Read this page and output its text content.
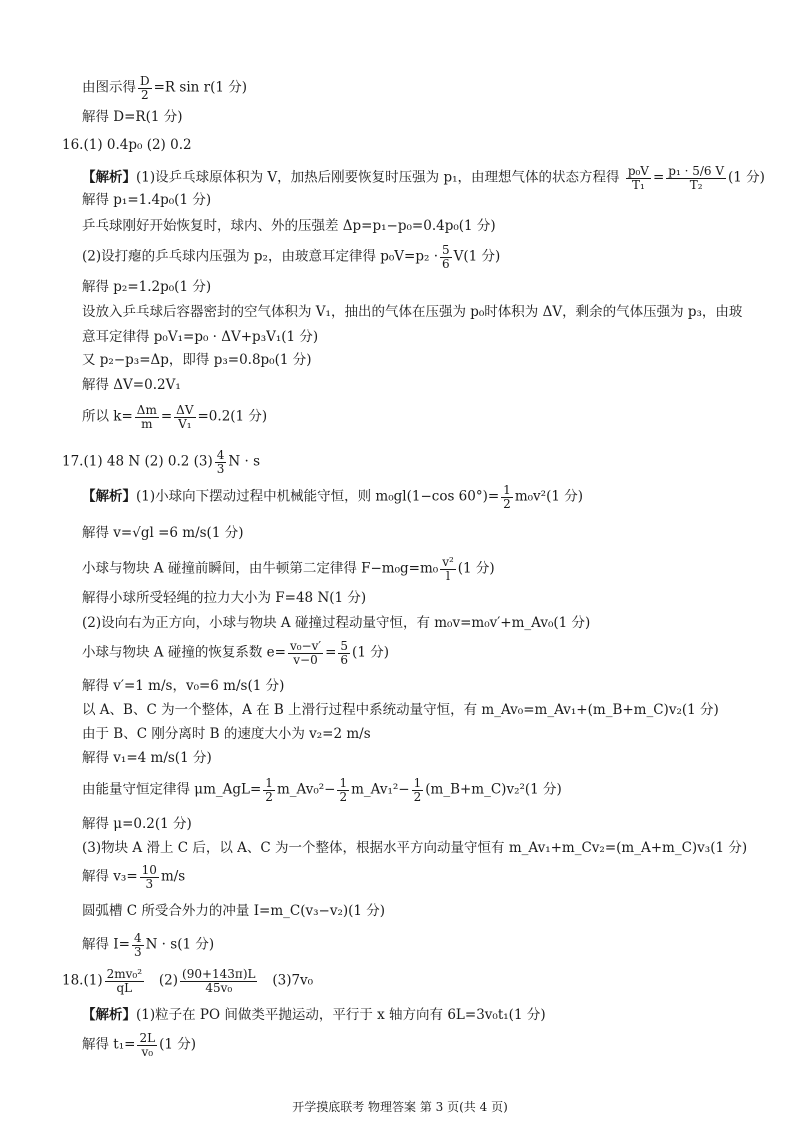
由图示得 $\frac{D}{2} =R$ sin r(1 分)
解得 D=R(1 分)
16.(1) 0.4p₀ (2) 0.2
【解析】(1)设乒乓球原体积为 V，加热后刚要恢复时压强为 p₁，由理想气体的状态方程得 $\frac{\text{p₀V}}{\text{T₁}} = \frac{\text{p₁ · 5/6 V}}{\text{T₂}} (1$ 分)
解得 p₁=1.4p₀(1 分)
乒乓球刚好开始恢复时，球内、外的压强差 Δp=p₁−p₀=0.4p₀(1 分)
(2)设打瘪的乒乓球内压强为 p₂，由玻意耳定律得 $p_0V=p_2 \cdot \frac{5}{6} V(1$ 分)
解得 p₂=1.2p₀(1 分)
设放入乒乓球后容器密封的空气体积为 V₁，抽出的气体在压强为 p₀时体积为 ΔV，剩余的气体压强为 p₃，由玻
意耳定律得 p₀V₁=p₀ · ΔV+p₃V₁(1 分)
又 p₂−p₃=Δp，即得 p₃=0.8p₀(1 分)
解得 ΔV=0.2V₁
所以 $k= \frac{\Delta m}{m} = \frac{\Delta V}{\text{V₁}} =0.2(1$ 分)
17.(1) 48 N (2) 0.2 $(3) \frac{4}{3}$ N · s
【解析】(1)小球向下摆动过程中机械能守恒，则 m₀gl(1−cos $60^\circ)= \frac{1}{2} m_0v^2(1$ 分)
解得 v=√gl =6 m/s(1 分)
小球与物块 A 碰撞前瞬间，由牛顿第二定律得 $F-m_0g=m_0 \frac{\text{v²}}{l} (1$ 分)
解得小球所受轻绳的拉力大小为 F=48 N(1 分)
(2)设向右为正方向，小球与物块 A 碰撞过程动量守恒，有 m₀v=m₀v′+m_Av₀(1 分)
小球与物块 A 碰撞的恢复系数 $e= \frac{\text{v₀−v′}}{v-0} = \frac{5}{6} (1$ 分)
解得 v′=1 m/s，v₀=6 m/s(1 分)
以 A、B、C 为一个整体，A 在 B 上滑行过程中系统动量守恒，有 m_Av₀=m_Av₁+(m_B+m_C)v₂(1 分)
由于 B、C 刚分离时 B 的速度大小为 v₂=2 m/s
解得 v₁=4 m/s(1 分)
由能量守恒定律得 μm_AgL= $\frac{1}{2}$ m_Av₀²− $\frac{1}{2}$ m_Av₁²− $\frac{1}{2}$ (m_B+m_C)v₂²(1 分)
解得 μ=0.2(1 分)
(3)物块 A 滑上 C 后，以 A、C 为一个整体，根据水平方向动量守恒有 m_Av₁+m_Cv₂=(m_A+m_C)v₃(1 分)
解得 $v_3= \frac{10}{3} m/s$
圆弧槽 C 所受合外力的冲量 I=m_C(v₃−v₂)(1 分)
解得 $I= \frac{4}{3}$ N · s(1 分)
$18.(1) \frac{\text{2mv₀²}}{qL} (2) \frac{(90+143\pi)L}{\text{45v₀}} (3)7v_0$
【解析】(1)粒子在 PO 间做类平抛运动，平行于 x 轴方向有 6L=3v₀t₁(1 分)
解得 $t_1= \frac{2L}{\text{v₀}} (1$ 分)
开学摸底联考 物理答案 第 3 页(共 4 页)
